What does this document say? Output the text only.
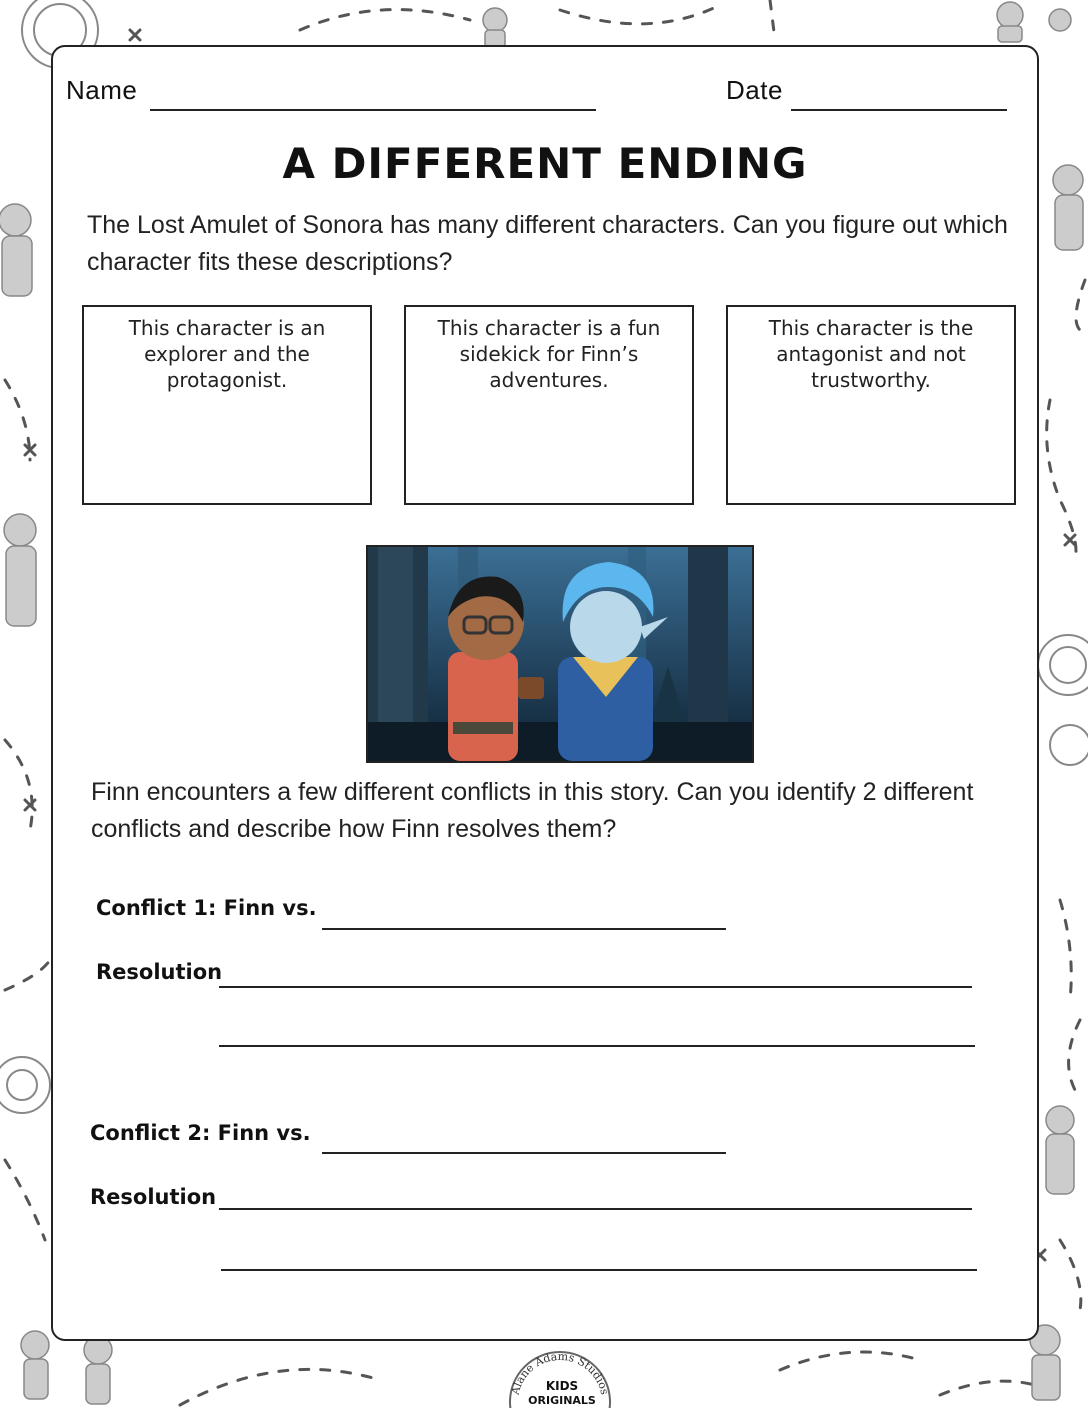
Name	Date
A DIFFERENT ENDING
The Lost Amulet of Sonora has many different characters. Can you figure out which character fits these descriptions?
This character is an explorer and the protagonist.
This character is a fun sidekick for Finn’s adventures.
This character is the antagonist and not trustworthy.
Finn encounters a few different conflicts in this story. Can you identify 2 different conflicts and describe how Finn resolves them?
Conflict 1: Finn vs.
Resolution
Conflict 2: Finn vs.
Resolution
Alane Adams Studios
KIDS
ORIGINALS
